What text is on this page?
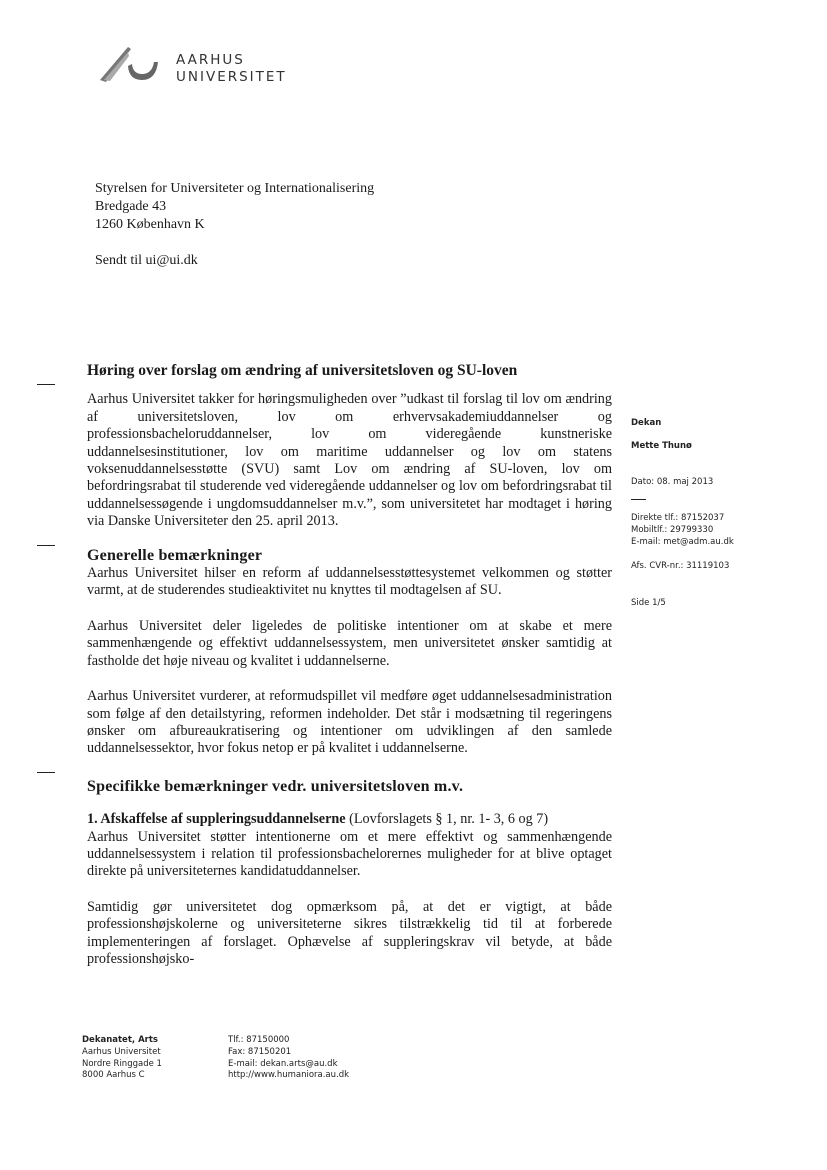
AARHUS
UNIVERSITET
Styrelsen for Universiteter og Internationalisering
Bredgade 43
1260 København K
Sendt til ui@ui.dk
Høring over forslag om ændring af universitetsloven og SU-loven

Aarhus Universitet takker for høringsmuligheden over ”udkast til forslag til lov om ændring af universitetsloven, lov om erhvervsakademiuddannelser og professionsbacheloruddannelser, lov om videregående kunstneriske uddannelsesinstitutioner, lov om maritime uddannelser og lov om statens voksenuddannelsesstøtte (SVU) samt Lov om ændring af SU-loven, lov om befordringsrabat til studerende ved videregående uddannelser og lov om befordringsrabat til uddannelsessøgende i ungdomsuddannelser m.v.”, som universitetet har modtaget i høring via Danske Universiteter den 25. april 2013.

Generelle bemærkninger

Aarhus Universitet hilser en reform af uddannelsesstøttesystemet velkommen og støtter varmt, at de studerendes studieaktivitet nu knyttes til modtagelsen af SU.

Aarhus Universitet deler ligeledes de politiske intentioner om at skabe et mere sammenhængende og effektivt uddannelsessystem, men universitetet ønsker samtidig at fastholde det høje niveau og kvalitet i uddannelserne.

Aarhus Universitet vurderer, at reformudspillet vil medføre øget uddannelsesadministration som følge af den detailstyring, reformen indeholder. Det står i modsætning til regeringens ønsker om afbureaukratisering og intentioner om udviklingen af den samlede uddannelsessektor, hvor fokus netop er på kvalitet i uddannelserne.

Specifikke bemærkninger vedr. universitetsloven m.v.

1. Afskaffelse af suppleringsuddannelserne (Lovforslagets § 1, nr. 1- 3, 6 og 7)

Aarhus Universitet støtter intentionerne om et mere effektivt og sammenhængende uddannelsessystem i relation til professionsbachelorernes muligheder for at blive optaget direkte på universiteternes kandidatuddannelser.

Samtidig gør universitetet dog opmærksom på, at det er vigtigt, at både professionshøjskolerne og universiteterne sikres tilstrækkelig tid til at forberede implementeringen af forslaget. Ophævelse af suppleringskrav vil betyde, at både professionshøjsko-

Dekan
Mette Thunø
Dato: 08. maj 2013
Direkte tlf.: 87152037
Mobiltlf.: 29799330
E-mail: met@adm.au.dk
Afs. CVR-nr.: 31119103
Side 1/5
Dekanatet, Arts
Aarhus Universitet
Nordre Ringgade 1
8000 Aarhus C
Tlf.: 87150000
Fax: 87150201
E-mail: dekan.arts@au.dk
http://www.humaniora.au.dk
